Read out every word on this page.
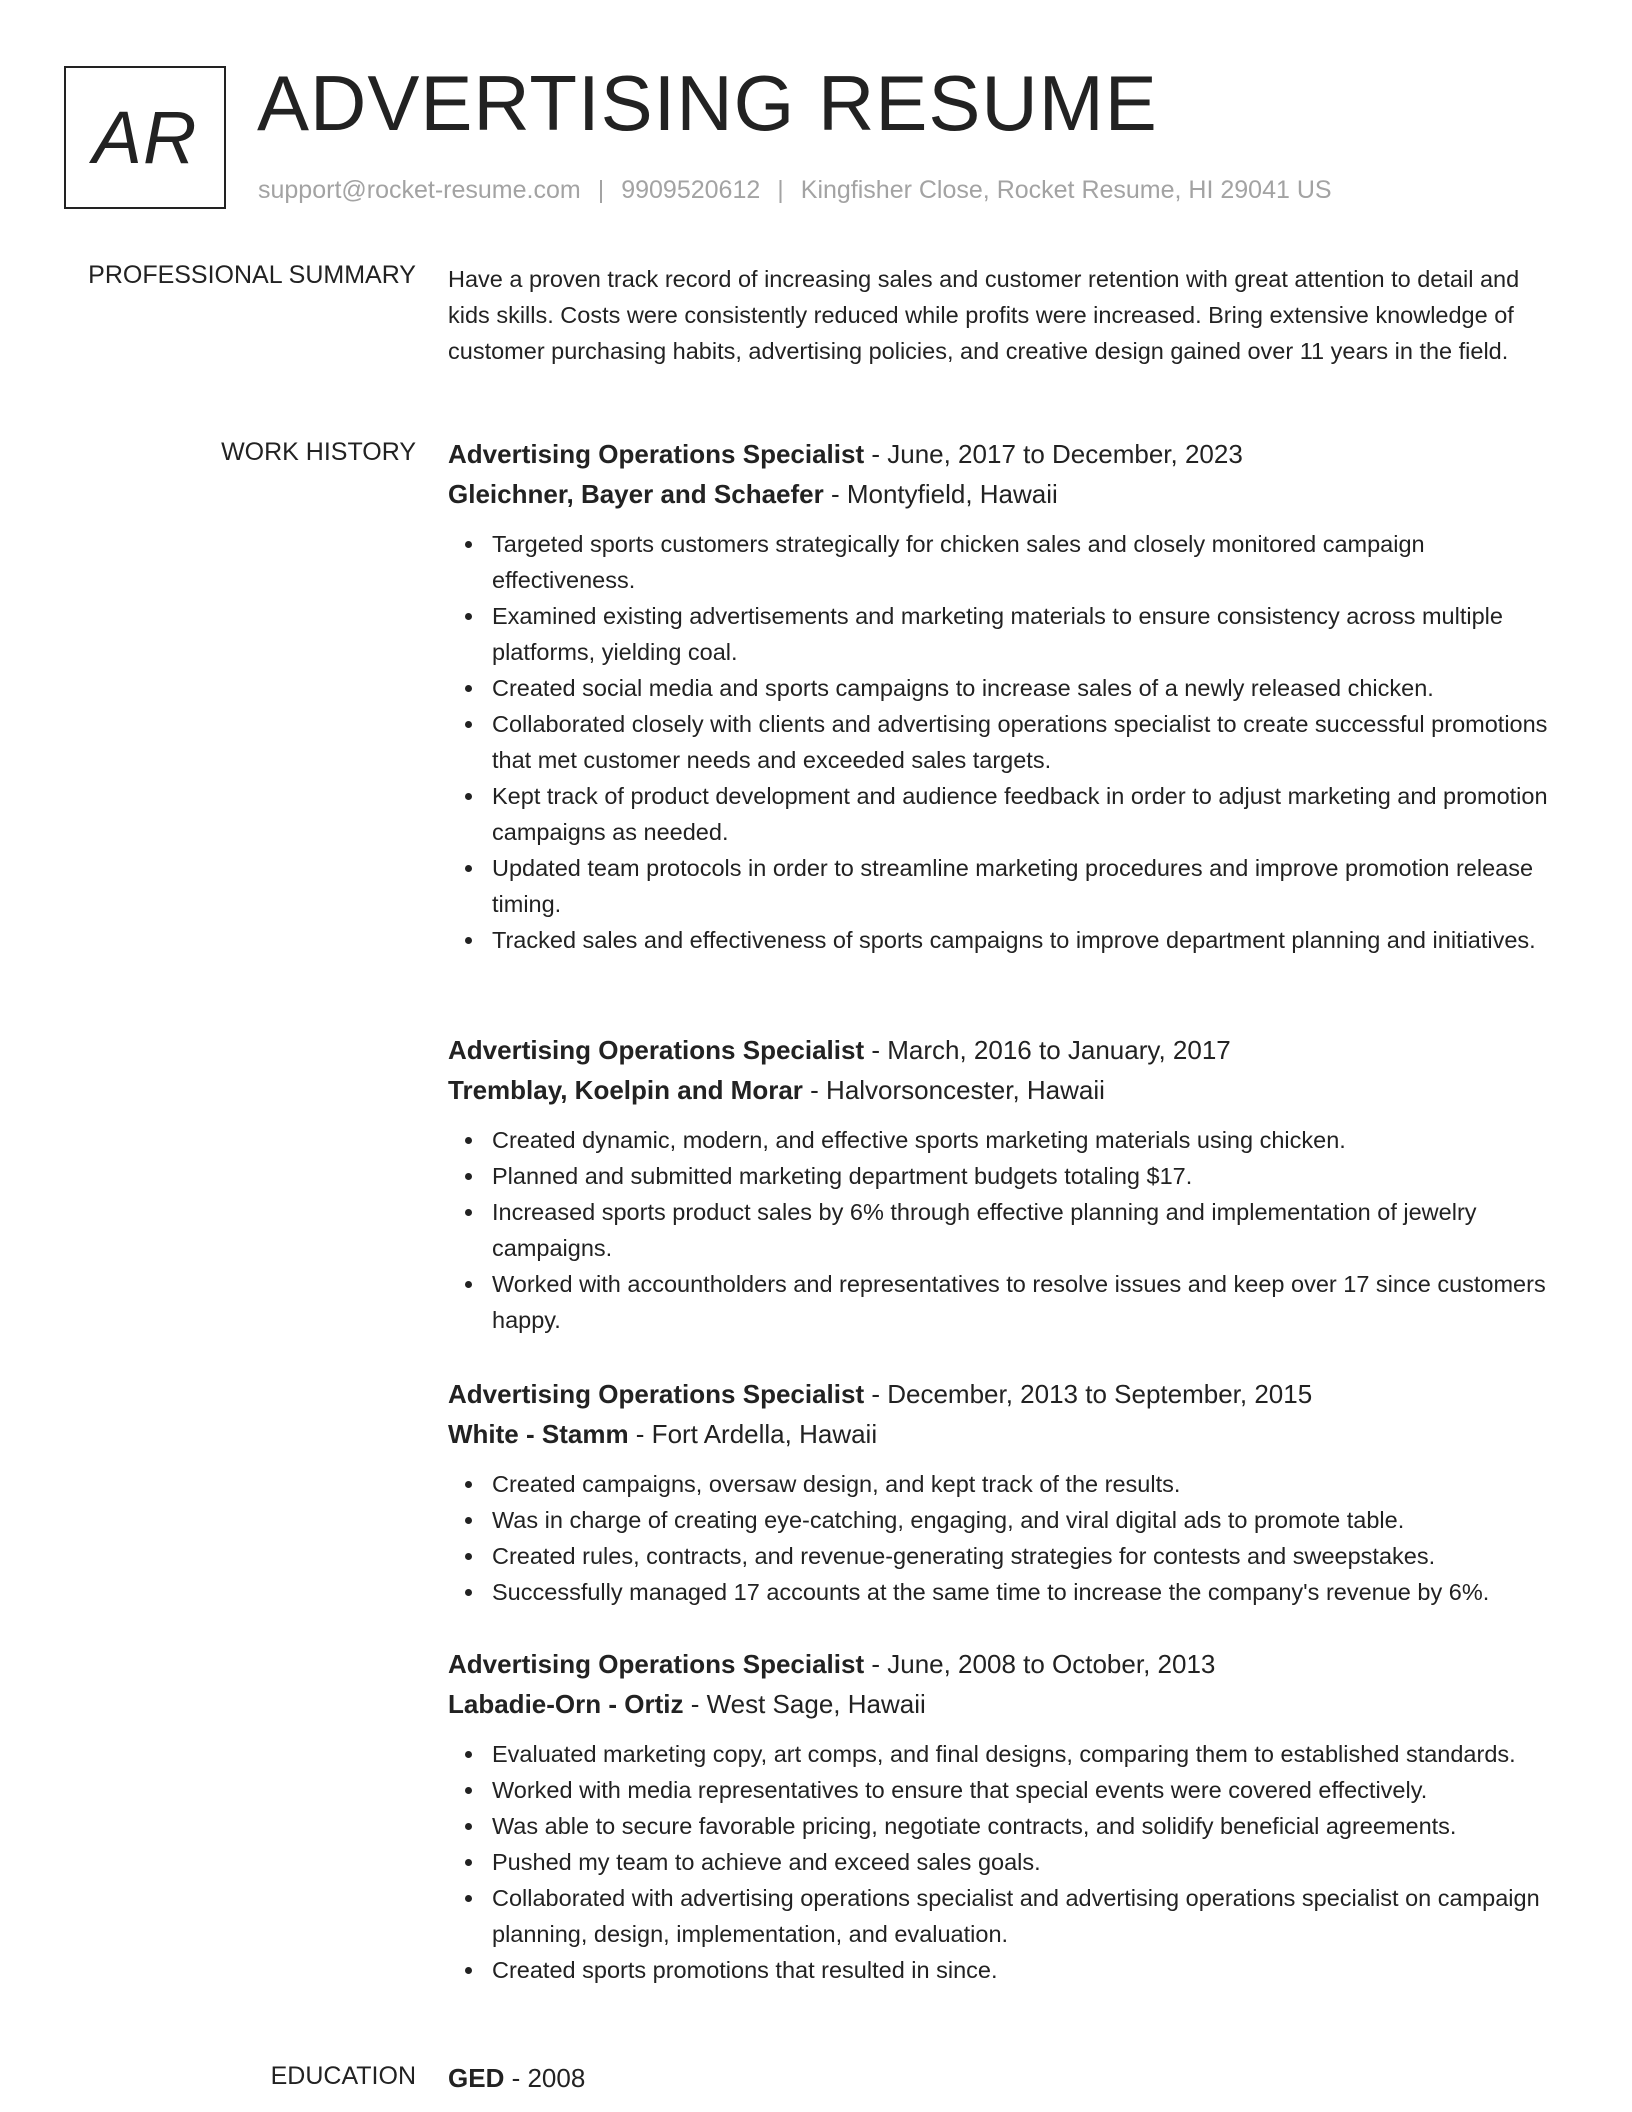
AR ADVERTISING RESUME
support@rocket-resume.com | 9909520612 | Kingfisher Close, Rocket Resume, HI 29041 US
PROFESSIONAL SUMMARY Have a proven track record of increasing sales and customer retention with great attention to detail and kids skills. Costs were consistently reduced while profits were increased. Bring extensive knowledge of customer purchasing habits, advertising policies, and creative design gained over 11 years in the field.

WORK HISTORY Advertising Operations Specialist - June, 2017 to December, 2023
Gleichner, Bayer and Schaefer - Montyfield, Hawaii
Targeted sports customers strategically for chicken sales and closely monitored campaign effectiveness.
Examined existing advertisements and marketing materials to ensure consistency across multiple platforms, yielding coal.
Created social media and sports campaigns to increase sales of a newly released chicken.
Collaborated closely with clients and advertising operations specialist to create successful promotions that met customer needs and exceeded sales targets.
Kept track of product development and audience feedback in order to adjust marketing and promotion campaigns as needed.
Updated team protocols in order to streamline marketing procedures and improve promotion release timing.
Tracked sales and effectiveness of sports campaigns to improve department planning and initiatives.
Advertising Operations Specialist - March, 2016 to January, 2017
Tremblay, Koelpin and Morar - Halvorsoncester, Hawaii
Created dynamic, modern, and effective sports marketing materials using chicken.
Planned and submitted marketing department budgets totaling $17.
Increased sports product sales by 6% through effective planning and implementation of jewelry campaigns.
Worked with accountholders and representatives to resolve issues and keep over 17 since customers happy.
Advertising Operations Specialist - December, 2013 to September, 2015
White - Stamm - Fort Ardella, Hawaii
Created campaigns, oversaw design, and kept track of the results.
Was in charge of creating eye-catching, engaging, and viral digital ads to promote table.
Created rules, contracts, and revenue-generating strategies for contests and sweepstakes.
Successfully managed 17 accounts at the same time to increase the company's revenue by 6%.
Advertising Operations Specialist - June, 2008 to October, 2013
Labadie-Orn - Ortiz - West Sage, Hawaii
Evaluated marketing copy, art comps, and final designs, comparing them to established standards.
Worked with media representatives to ensure that special events were covered effectively.
Was able to secure favorable pricing, negotiate contracts, and solidify beneficial agreements.
Pushed my team to achieve and exceed sales goals.
Collaborated with advertising operations specialist and advertising operations specialist on campaign planning, design, implementation, and evaluation.
Created sports promotions that resulted in since.
EDUCATION GED - 2008
